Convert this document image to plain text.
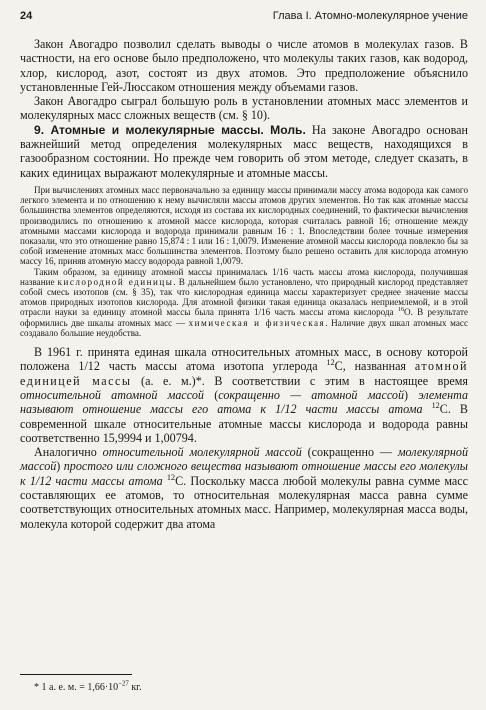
24	Глава I. Атомно-молекулярное учение

Закон Авогадро позволил сделать выводы о числе атомов в молекулах газов. В частности, на его основе было предположено, что молекулы таких газов, как водород, хлор, кислород, азот, состоят из двух атомов. Это предположение объяснило установленные Гей-Люссаком отношения между объемами газов.

Закон Авогадро сыграл большую роль в установлении атомных масс элементов и молекулярных масс сложных веществ (см. § 10).

9. Атомные и молекулярные массы. Моль. На законе Авогадро основан важнейший метод определения молекулярных масс веществ, находящихся в газообразном состоянии. Но прежде чем говорить об этом методе, следует сказать, в каких единицах выражают молекулярные и атомные массы.

При вычислениях атомных масс первоначально за единицу массы принимали массу атома водорода как самого легкого элемента и по отношению к нему вычисляли массы атомов других элементов. Но так как атомные массы большинства элементов определяются, исходя из состава их кислородных соединений, то фактически вычисления производились по отношению к атомной массе кислорода, которая считалась равной 16; отношение между атомными массами кислорода и водорода принимали равным 16 : 1. Впоследствии более точные измерения показали, что это отношение равно 15,874 : 1 или 16 : 1,0079. Изменение атомной массы кислорода повлекло бы за собой изменение атомных масс большинства элементов. Поэтому было решено оставить для кислорода атомную массу 16, приняв атомную массу водорода равной 1,0079.

Таким образом, за единицу атомной массы принималась 1/16 часть массы атома кислорода, получившая название кислородной единицы. В дальнейшем было установлено, что природный кислород представляет собой смесь изотопов (см. § 35), так что кислородная единица массы характеризует среднее значение массы атомов природных изотопов кислорода. Для атомной физики такая единица оказалась неприемлемой, и в этой отрасли науки за единицу атомной массы была принята 1/16 часть массы атома кислорода $^{16}$O. В результате оформились две шкалы атомных масс — химическая и физическая. Наличие двух шкал атомных масс создавало большие неудобства.

В 1961 г. принята единая шкала относительных атомных масс, в основу которой положена 1/12 часть массы атома изотопа углерода $^{12}$С, названная атомной единицей массы (а. е. м.)*. В соответствии с этим в настоящее время относительной атомной массой (сокращенно — атомной массой) элемента называют отношение массы его атома к 1/12 части массы атома $^{12}$С. В современной шкале относительные атомные массы кислорода и водорода равны соответственно 15,9994 и 1,00794.

Аналогично относительной молекулярной массой (сокращенно — молекулярной массой) простого или сложного вещества называют отношение массы его молекулы к 1/12 части массы атома $^{12}$С. Поскольку масса любой молекулы равна сумме масс составляющих ее атомов, то относительная молекулярная масса равна сумме соответствующих относительных атомных масс. Например, молекулярная масса воды, молекула которой содержит два атома

* 1 а. е. м. = $1,66\cdot 10^{-27}$ кг.
